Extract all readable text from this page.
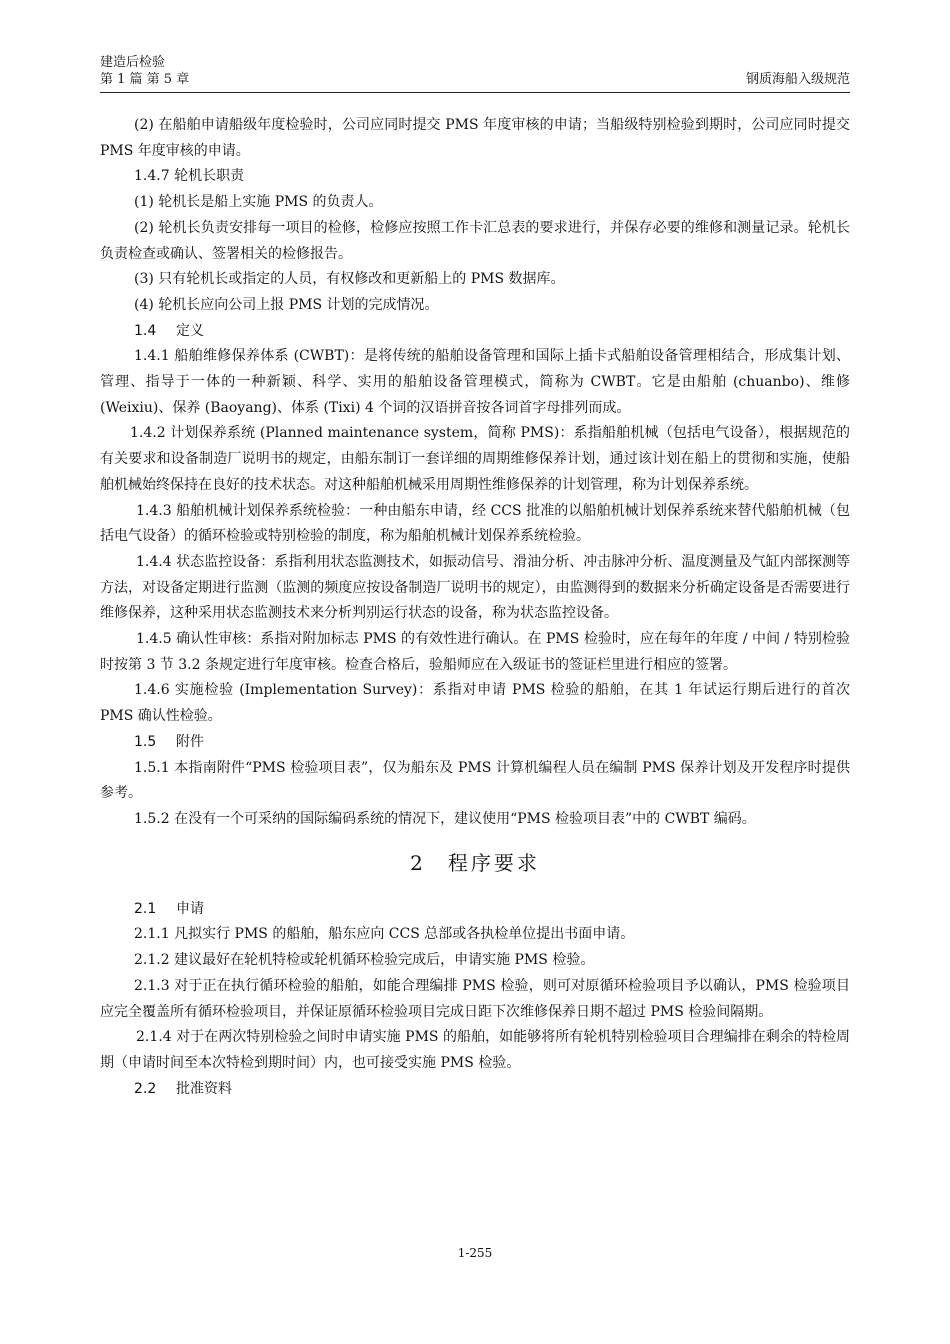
建造后检验
第 1 篇 第 5 章	钢质海船入级规范

(2) 在船舶申请船级年度检验时，公司应同时提交 PMS 年度审核的申请；当船级特别检验到期时，公司应同时提交 PMS 年度审核的申请。

1.4.7 轮机长职责

(1) 轮机长是船上实施 PMS 的负责人。

(2) 轮机长负责安排每一项目的检修，检修应按照工作卡汇总表的要求进行，并保存必要的维修和测量记录。轮机长负责检查或确认、签署相关的检修报告。

(3) 只有轮机长或指定的人员，有权修改和更新船上的 PMS 数据库。

(4) 轮机长应向公司上报 PMS 计划的完成情况。

1.4 定义

1.4.1 船舶维修保养体系 (CWBT)：是将传统的船舶设备管理和国际上插卡式船舶设备管理相结合，形成集计划、管理、指导于一体的一种新颖、科学、实用的船舶设备管理模式，简称为 CWBT。它是由船舶 (chuanbo)、维修 (Weixiu)、保养 (Baoyang)、体系 (Tixi) 4 个词的汉语拼音按各词首字母排列而成。

1.4.2 计划保养系统 (Planned maintenance system，简称 PMS)：系指船舶机械（包括电气设备），根据规范的有关要求和设备制造厂说明书的规定，由船东制订一套详细的周期维修保养计划，通过该计划在船上的贯彻和实施，使船舶机械始终保持在良好的技术状态。对这种船舶机械采用周期性维修保养的计划管理，称为计划保养系统。

1.4.3 船舶机械计划保养系统检验：一种由船东申请，经 CCS 批准的以船舶机械计划保养系统来替代船舶机械（包括电气设备）的循环检验或特别检验的制度，称为船舶机械计划保养系统检验。

1.4.4 状态监控设备：系指利用状态监测技术，如振动信号、滑油分析、冲击脉冲分析、温度测量及气缸内部探测等方法，对设备定期进行监测（监测的频度应按设备制造厂说明书的规定），由监测得到的数据来分析确定设备是否需要进行维修保养，这种采用状态监测技术来分析判别运行状态的设备，称为状态监控设备。

1.4.5 确认性审核：系指对附加标志 PMS 的有效性进行确认。在 PMS 检验时，应在每年的年度 / 中间 / 特别检验时按第 3 节 3.2 条规定进行年度审核。检查合格后，验船师应在入级证书的签证栏里进行相应的签署。

1.4.6 实施检验 (Implementation Survey)：系指对申请 PMS 检验的船舶，在其 1 年试运行期后进行的首次 PMS 确认性检验。

1.5 附件

1.5.1 本指南附件“PMS 检验项目表”，仅为船东及 PMS 计算机编程人员在编制 PMS 保养计划及开发程序时提供参考。

1.5.2 在没有一个可采纳的国际编码系统的情况下，建议使用“PMS 检验项目表”中的 CWBT 编码。

2 程序要求

2.1 申请

2.1.1 凡拟实行 PMS 的船舶，船东应向 CCS 总部或各执检单位提出书面申请。

2.1.2 建议最好在轮机特检或轮机循环检验完成后，申请实施 PMS 检验。

2.1.3 对于正在执行循环检验的船舶，如能合理编排 PMS 检验，则可对原循环检验项目予以确认，PMS 检验项目应完全覆盖所有循环检验项目，并保证原循环检验项目完成日距下次维修保养日期不超过 PMS 检验间隔期。

2.1.4 对于在两次特别检验之间时申请实施 PMS 的船舶，如能够将所有轮机特别检验项目合理编排在剩余的特检周期（申请时间至本次特检到期时间）内，也可接受实施 PMS 检验。

2.2 批准资料

1-255
